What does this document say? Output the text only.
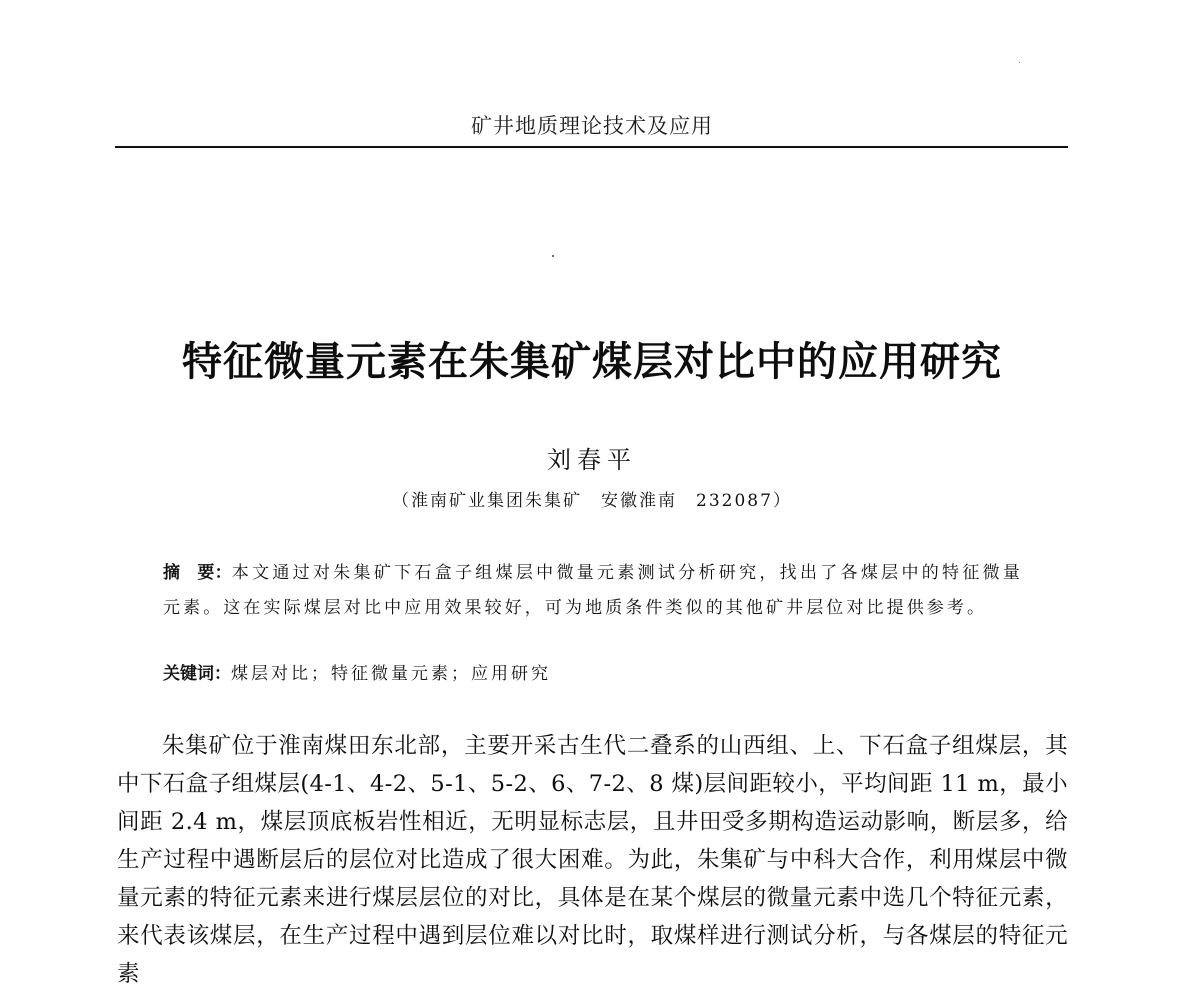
矿井地质理论技术及应用
特征微量元素在朱集矿煤层对比中的应用研究
刘春平
（淮南矿业集团朱集矿　安徽淮南　232087）
摘　要：本文通过对朱集矿下石盒子组煤层中微量元素测试分析研究，找出了各煤层中的特征微量元素。这在实际煤层对比中应用效果较好，可为地质条件类似的其他矿井层位对比提供参考。
关键词：煤层对比；特征微量元素；应用研究
朱集矿位于淮南煤田东北部，主要开采古生代二叠系的山西组、上、下石盒子组煤层，其中下石盒子组煤层(4-1、4-2、5-1、5-2、6、7-2、8 煤)层间距较小，平均间距 11 m，最小间距 2.4 m，煤层顶底板岩性相近，无明显标志层，且井田受多期构造运动影响，断层多，给生产过程中遇断层后的层位对比造成了很大困难。为此，朱集矿与中科大合作，利用煤层中微量元素的特征元素来进行煤层层位的对比，具体是在某个煤层的微量元素中选几个特征元素，来代表该煤层，在生产过程中遇到层位难以对比时，取煤样进行测试分析，与各煤层的特征元素
